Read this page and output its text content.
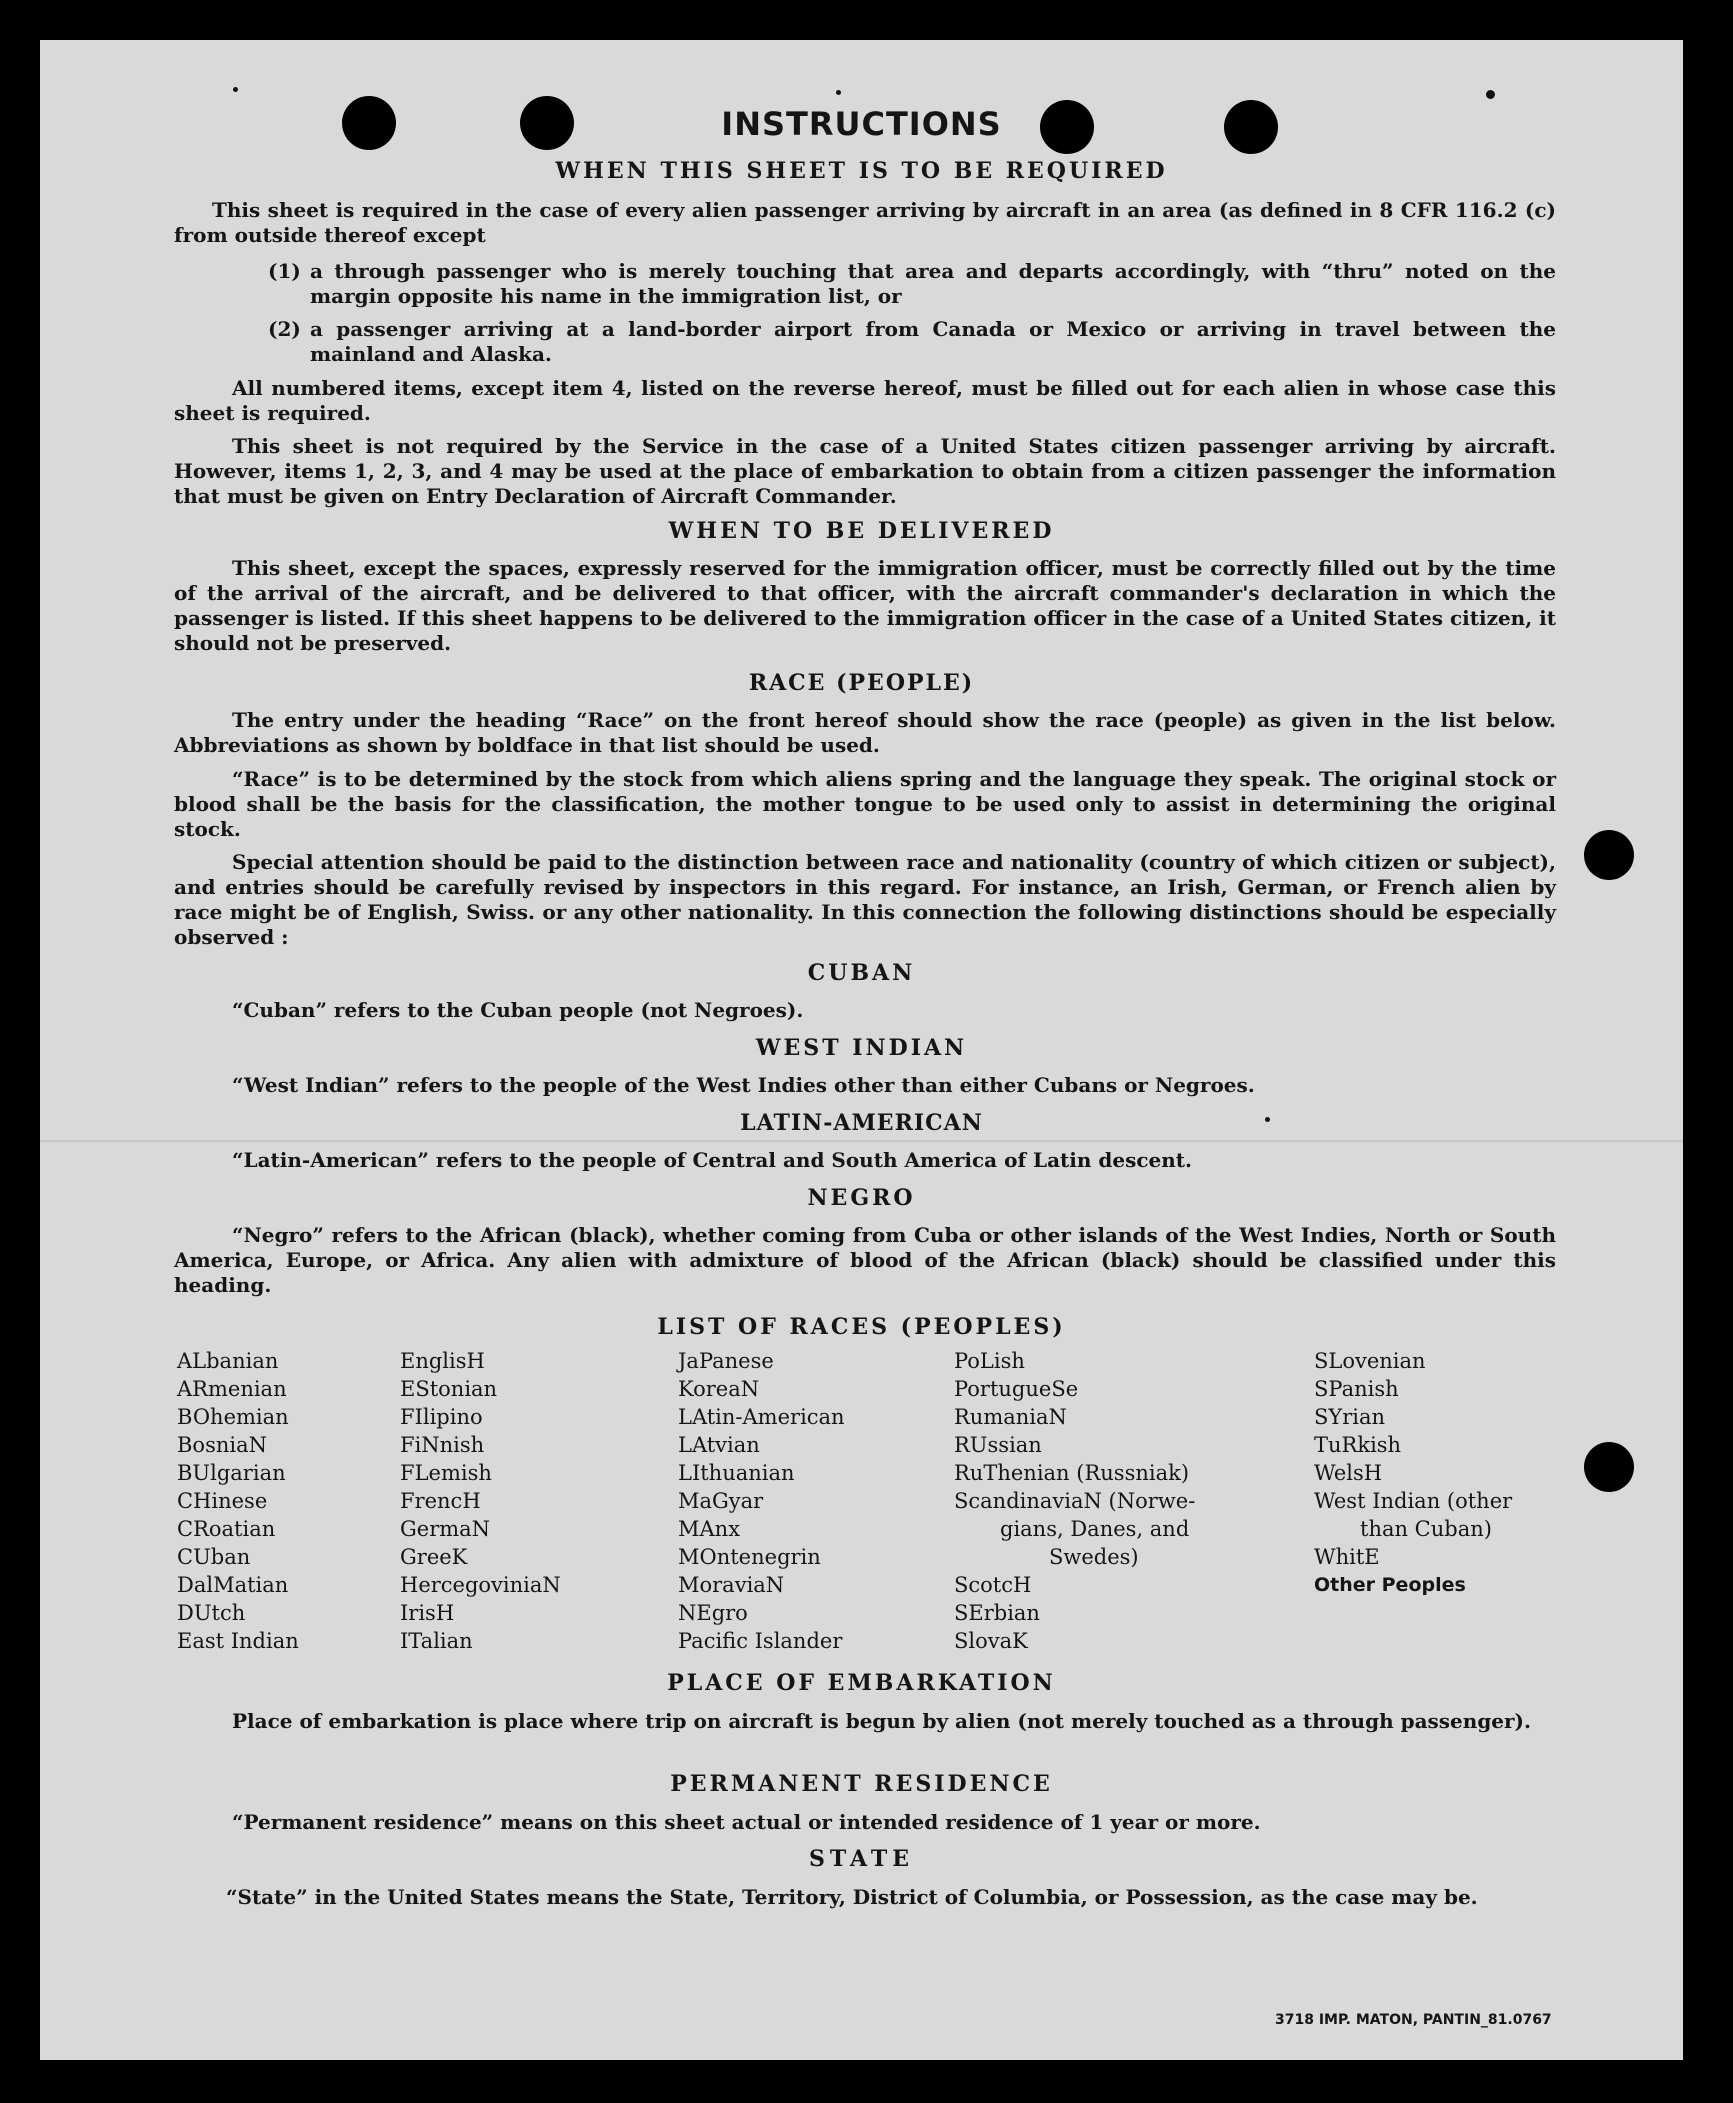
INSTRUCTIONS
WHEN THIS SHEET IS TO BE REQUIRED
This sheet is required in the case of every alien passenger arriving by aircraft in an area (as defined in 8 CFR 116.2 (c) from outside thereof except
(1) a through passenger who is merely touching that area and departs accordingly, with “thru” noted on the margin opposite his name in the immigration list, or
(2) a passenger arriving at a land-border airport from Canada or Mexico or arriving in travel between the mainland and Alaska.
All numbered items, except item 4, listed on the reverse hereof, must be filled out for each alien in whose case this sheet is required.
This sheet is not required by the Service in the case of a United States citizen passenger arriving by aircraft. However, items 1, 2, 3, and 4 may be used at the place of embarkation to obtain from a citizen passenger the information that must be given on Entry Declaration of Aircraft Commander.
WHEN TO BE DELIVERED
This sheet, except the spaces, expressly reserved for the immigration officer, must be correctly filled out by the time of the arrival of the aircraft, and be delivered to that officer, with the aircraft commander's declaration in which the passenger is listed. If this sheet happens to be delivered to the immigration officer in the case of a United States citizen, it should not be preserved.
RACE (PEOPLE)
The entry under the heading “Race” on the front hereof should show the race (people) as given in the list below. Abbreviations as shown by boldface in that list should be used.
“Race” is to be determined by the stock from which aliens spring and the language they speak. The original stock or blood shall be the basis for the classification, the mother tongue to be used only to assist in determining the original stock.
Special attention should be paid to the distinction between race and nationality (country of which citizen or subject), and entries should be carefully revised by inspectors in this regard. For instance, an Irish, German, or French alien by race might be of English, Swiss. or any other nationality. In this connection the following distinctions should be especially observed :
CUBAN
“Cuban” refers to the Cuban people (not Negroes).
WEST INDIAN
“West Indian” refers to the people of the West Indies other than either Cubans or Negroes.
LATIN-AMERICAN
“Latin-American” refers to the people of Central and South America of Latin descent.
NEGRO
“Negro” refers to the African (black), whether coming from Cuba or other islands of the West Indies, North or South America, Europe, or Africa. Any alien with admixture of blood of the African (black) should be classified under this heading.
LIST OF RACES (PEOPLES)
ALbanian
ARmenian
BOhemian
BosniaN
BUlgarian
CHinese
CRoatian
CUban
DalMatian
DUtch
East Indian
EnglisH
EStonian
FIlipino
FiNnish
FLemish
FrencH
GermaN
GreeK
HercegoviniaN
IrisH
ITalian
JaPanese
KoreaN
LAtin-American
LAtvian
LIthuanian
MaGyar
MAnx
MOntenegrin
MoraviaN
NEgro
Pacific Islander
PoLish
PortugueSe
RumaniaN
RUssian
RuThenian (Russniak)
ScandinaviaN (Norwe-
gians, Danes, and
Swedes)
ScotcH
SErbian
SlovaK
SLovenian
SPanish
SYrian
TuRkish
WelsH
West Indian (other
than Cuban)
WhitE
Other Peoples
PLACE OF EMBARKATION
Place of embarkation is place where trip on aircraft is begun by alien (not merely touched as a through passenger).
PERMANENT RESIDENCE
“Permanent residence” means on this sheet actual or intended residence of 1 year or more.
STATE
“State” in the United States means the State, Territory, District of Columbia, or Possession, as the case may be.
3718 IMP. MATON, PANTIN_81.0767
